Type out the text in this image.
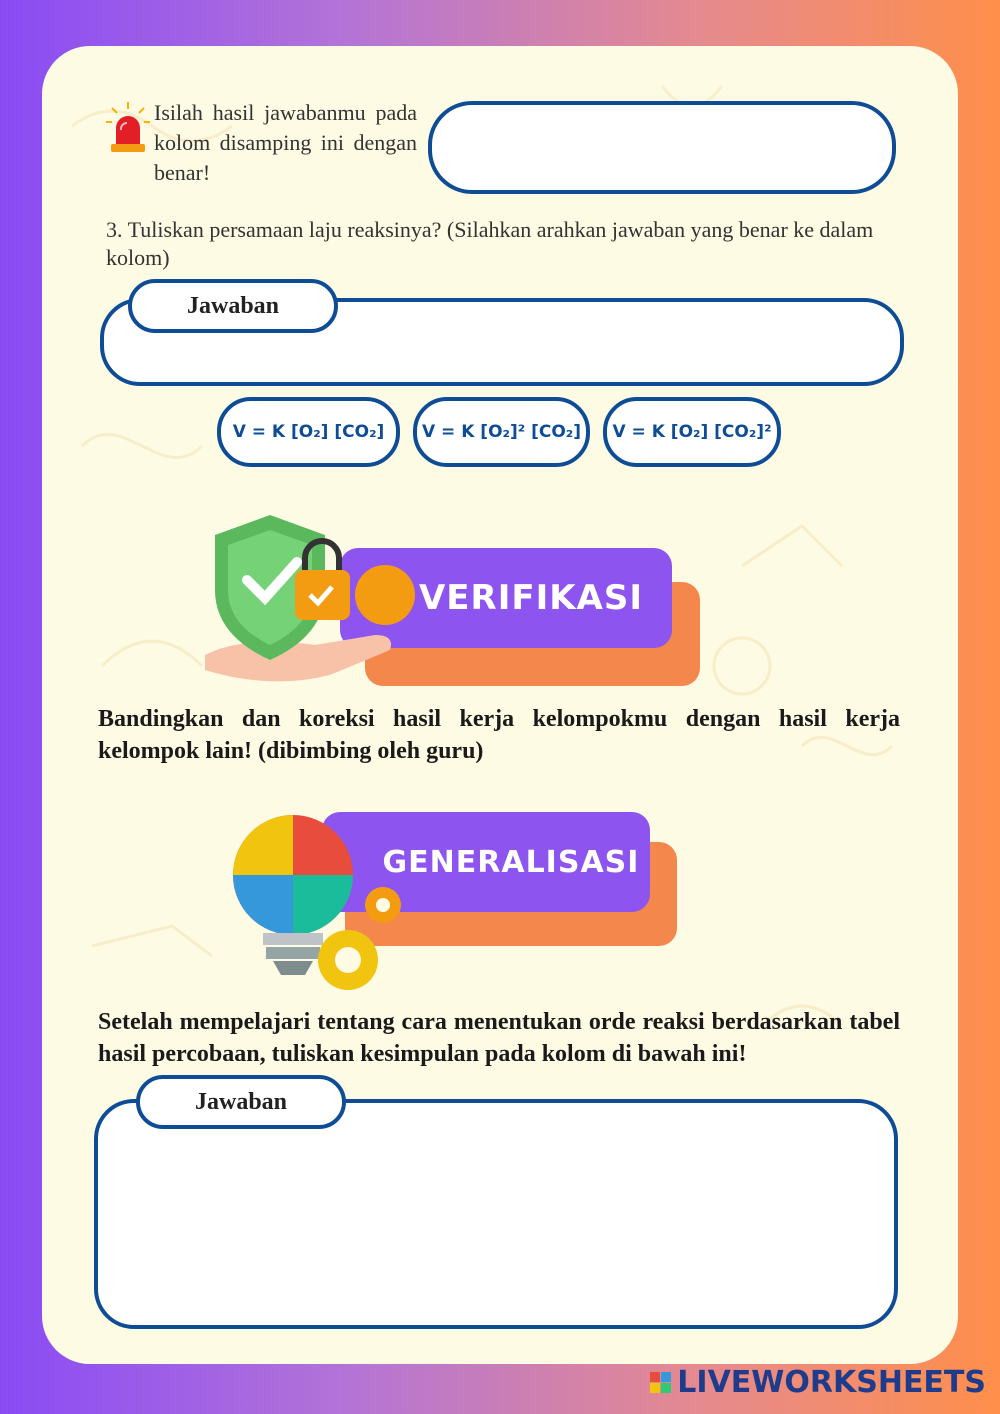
Isilah hasil jawabanmu pada kolom disamping ini dengan benar!
3. Tuliskan persamaan laju reaksinya? (Silahkan arahkan jawaban yang benar ke dalam kolom)
Jawaban
V = K [O₂] [CO₂] V = K [O₂]² [CO₂] V = K [O₂] [CO₂]²
VERIFIKASI
Bandingkan dan koreksi hasil kerja kelompokmu dengan hasil kerja kelompok lain! (dibimbing oleh guru)
GENERALISASI
Setelah mempelajari tentang cara menentukan orde reaksi berdasarkan tabel hasil percobaan, tuliskan kesimpulan pada kolom di bawah ini!
Jawaban
LIVEWORKSHEETS
